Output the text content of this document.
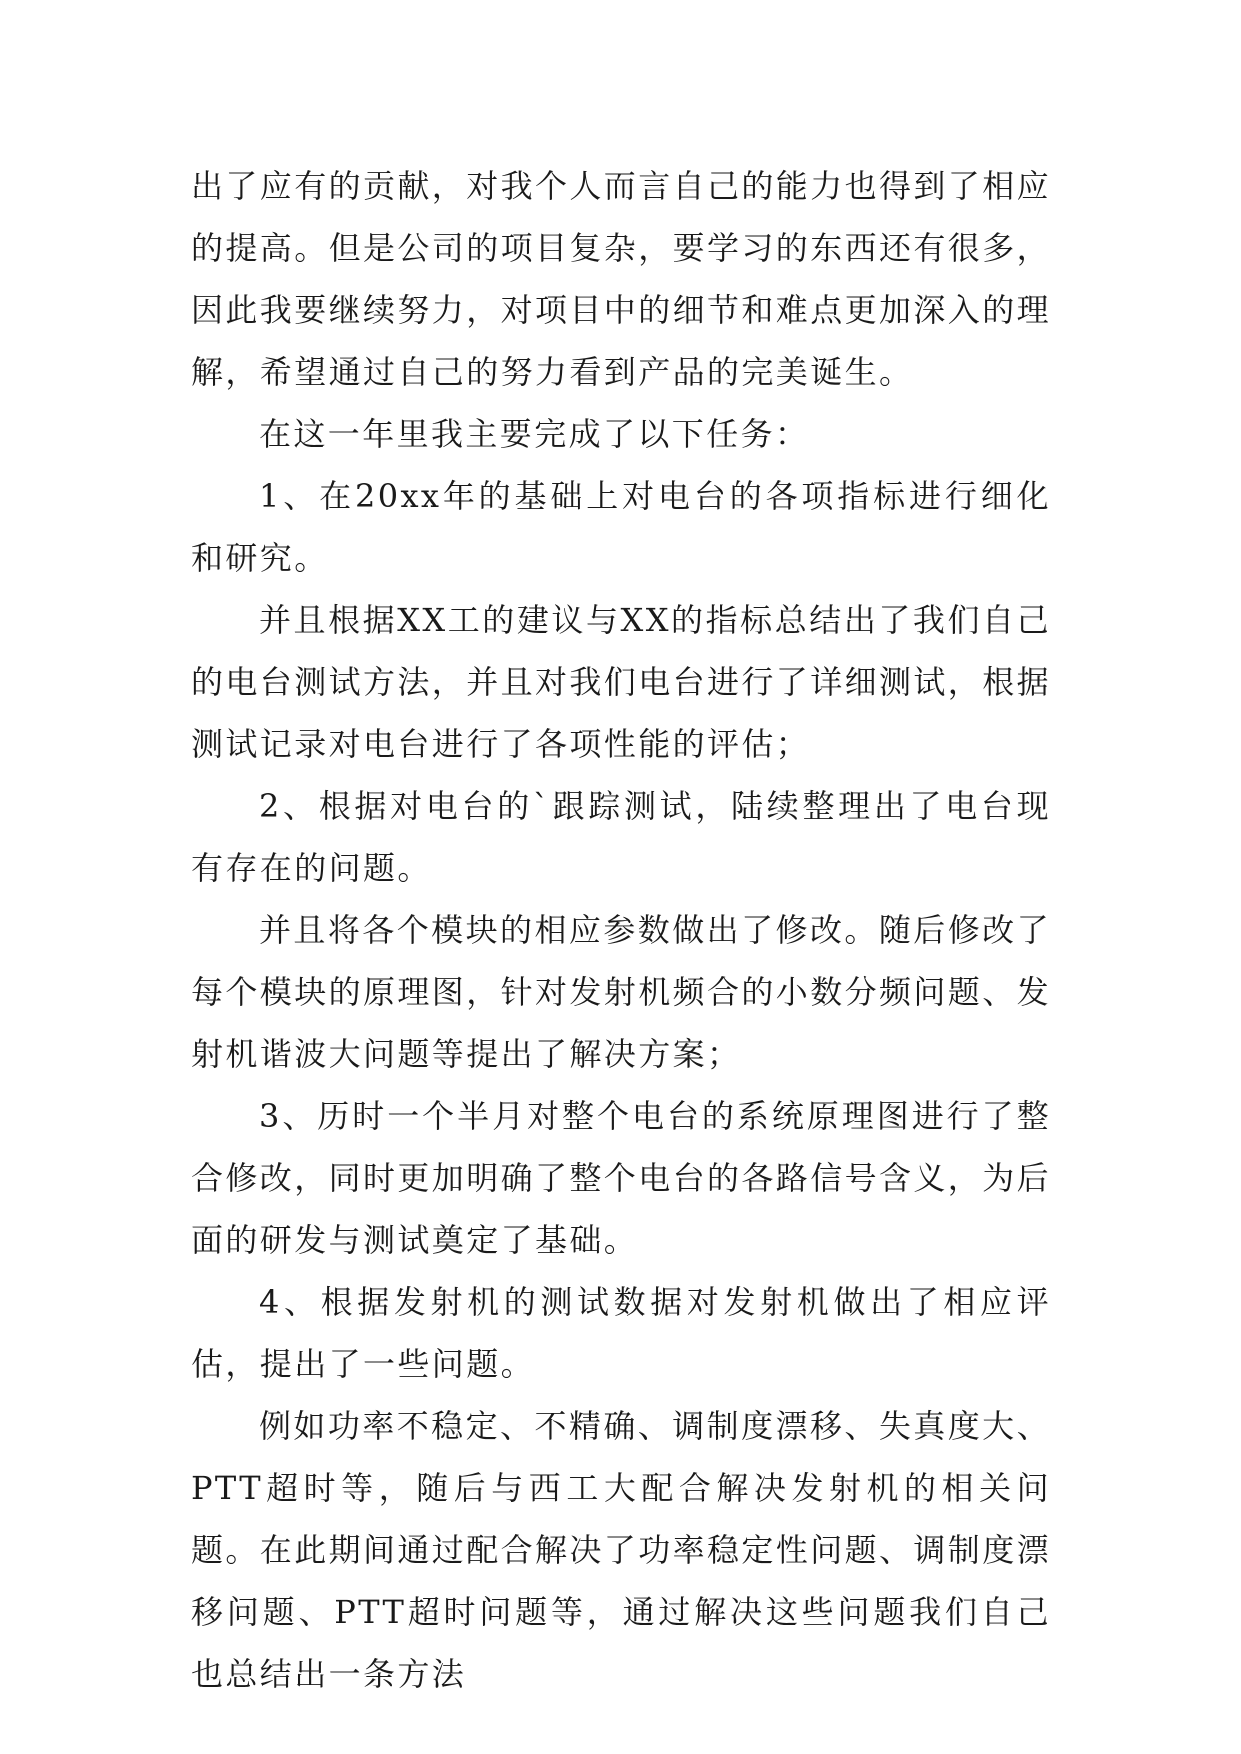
出了应有的贡献，对我个人而言自己的能力也得到了相应的提高。但是公司的项目复杂，要学习的东西还有很多，因此我要继续努力，对项目中的细节和难点更加深入的理解，希望通过自己的努力看到产品的完美诞生。

在这一年里我主要完成了以下任务：

1、在20xx年的基础上对电台的各项指标进行细化和研究。

并且根据XX工的建议与XX的指标总结出了我们自己的电台测试方法，并且对我们电台进行了详细测试，根据测试记录对电台进行了各项性能的评估；

2、根据对电台的`跟踪测试，陆续整理出了电台现有存在的问题。

并且将各个模块的相应参数做出了修改。随后修改了每个模块的原理图，针对发射机频合的小数分频问题、发射机谐波大问题等提出了解决方案；

3、历时一个半月对整个电台的系统原理图进行了整合修改，同时更加明确了整个电台的各路信号含义，为后面的研发与测试奠定了基础。

4、根据发射机的测试数据对发射机做出了相应评估，提出了一些问题。

例如功率不稳定、不精确、调制度漂移、失真度大、PTT超时等，随后与西工大配合解决发射机的相关问题。在此期间通过配合解决了功率稳定性问题、调制度漂移问题、PTT超时问题等，通过解决这些问题我们自己也总结出一条方法
